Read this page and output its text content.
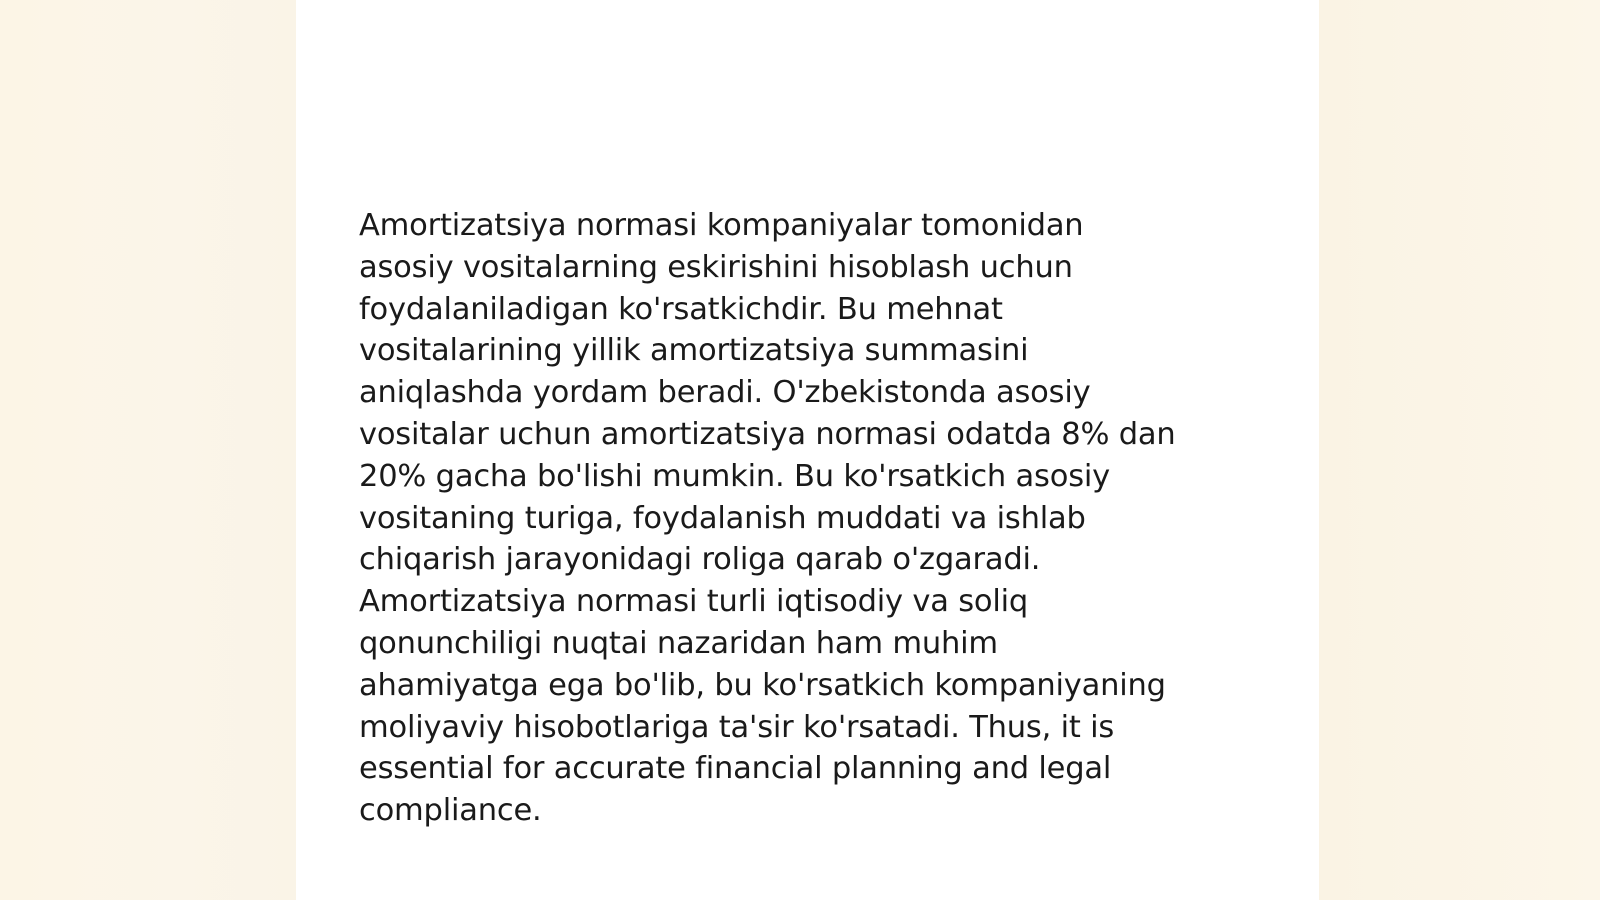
Amortizatsiya normasi kompaniyalar tomonidan
asosiy vositalarning eskirishini hisoblash uchun
foydalaniladigan ko'rsatkichdir. Bu mehnat
vositalarining yillik amortizatsiya summasini
aniqlashda yordam beradi. O'zbekistonda asosiy
vositalar uchun amortizatsiya normasi odatda 8% dan
20% gacha bo'lishi mumkin. Bu ko'rsatkich asosiy
vositaning turiga, foydalanish muddati va ishlab
chiqarish jarayonidagi roliga qarab o'zgaradi.
Amortizatsiya normasi turli iqtisodiy va soliq
qonunchiligi nuqtai nazaridan ham muhim
ahamiyatga ega bo'lib, bu ko'rsatkich kompaniyaning
moliyaviy hisobotlariga ta'sir ko'rsatadi. Thus, it is
essential for accurate financial planning and legal
compliance.
